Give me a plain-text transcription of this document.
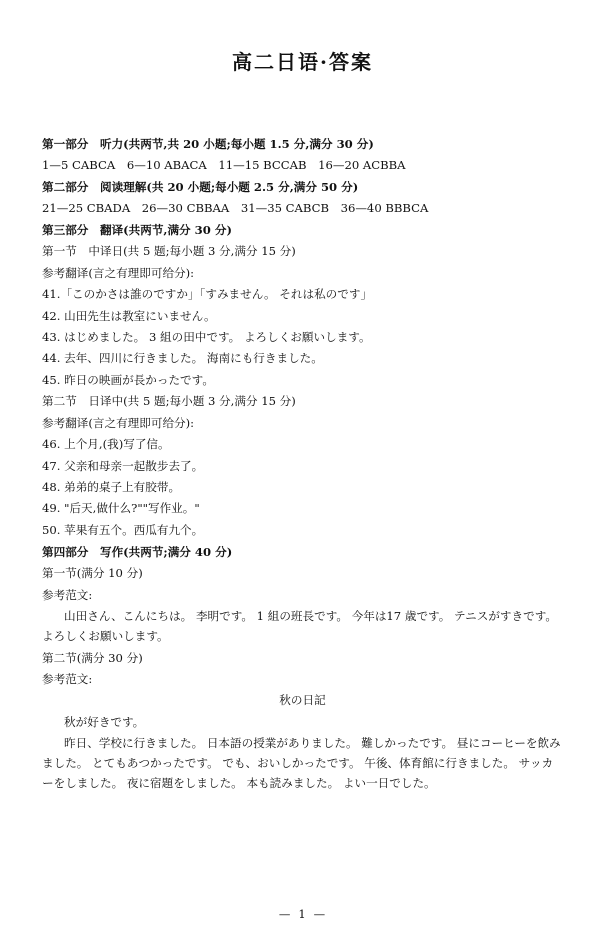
高二日语·答案

第一部分　听力(共两节,共 20 小题;每小题 1.5 分,满分 30 分)

1—5 CABCA　6—10 ABACA　11—15 BCCAB　16—20 ACBBA

第二部分　阅读理解(共 20 小题;每小题 2.5 分,满分 50 分)

21—25 CBADA　26—30 CBBAA　31—35 CABCB　36—40 BBBCA

第三部分　翻译(共两节,满分 30 分)

第一节　中译日(共 5 题;每小题 3 分,满分 15 分)

参考翻译(言之有理即可给分):

41.「このかさは誰のですか」「すみません。 それは私のです」

42. 山田先生は教室にいません。

43. はじめました。 3 組の田中です。 よろしくお願いします。

44. 去年、四川に行きました。 海南にも行きました。

45. 昨日の映画が長かったです。

第二节　日译中(共 5 题;每小题 3 分,满分 15 分)

参考翻译(言之有理即可给分):

46. 上个月,(我)写了信。

47. 父亲和母亲一起散步去了。

48. 弟弟的桌子上有胶带。

49. "后天,做什么?""写作业。"

50. 苹果有五个。西瓜有九个。

第四部分　写作(共两节;满分 40 分)

第一节(满分 10 分)

参考范文:

山田さん、こんにちは。 李明です。 1 組の班長です。 今年は17 歳です。 テニスがすきです。 よろしくお願いします。

第二节(满分 30 分)

参考范文:

秋の日記

秋が好きです。

昨日、学校に行きました。 日本語の授業がありました。 難しかったです。 昼にコーヒーを飲みました。 とてもあつかったです。 でも、おいしかったです。 午後、体育館に行きました。 サッカーをしました。 夜に宿題をしました。 本も読みました。 よい一日でした。

— 1 —
